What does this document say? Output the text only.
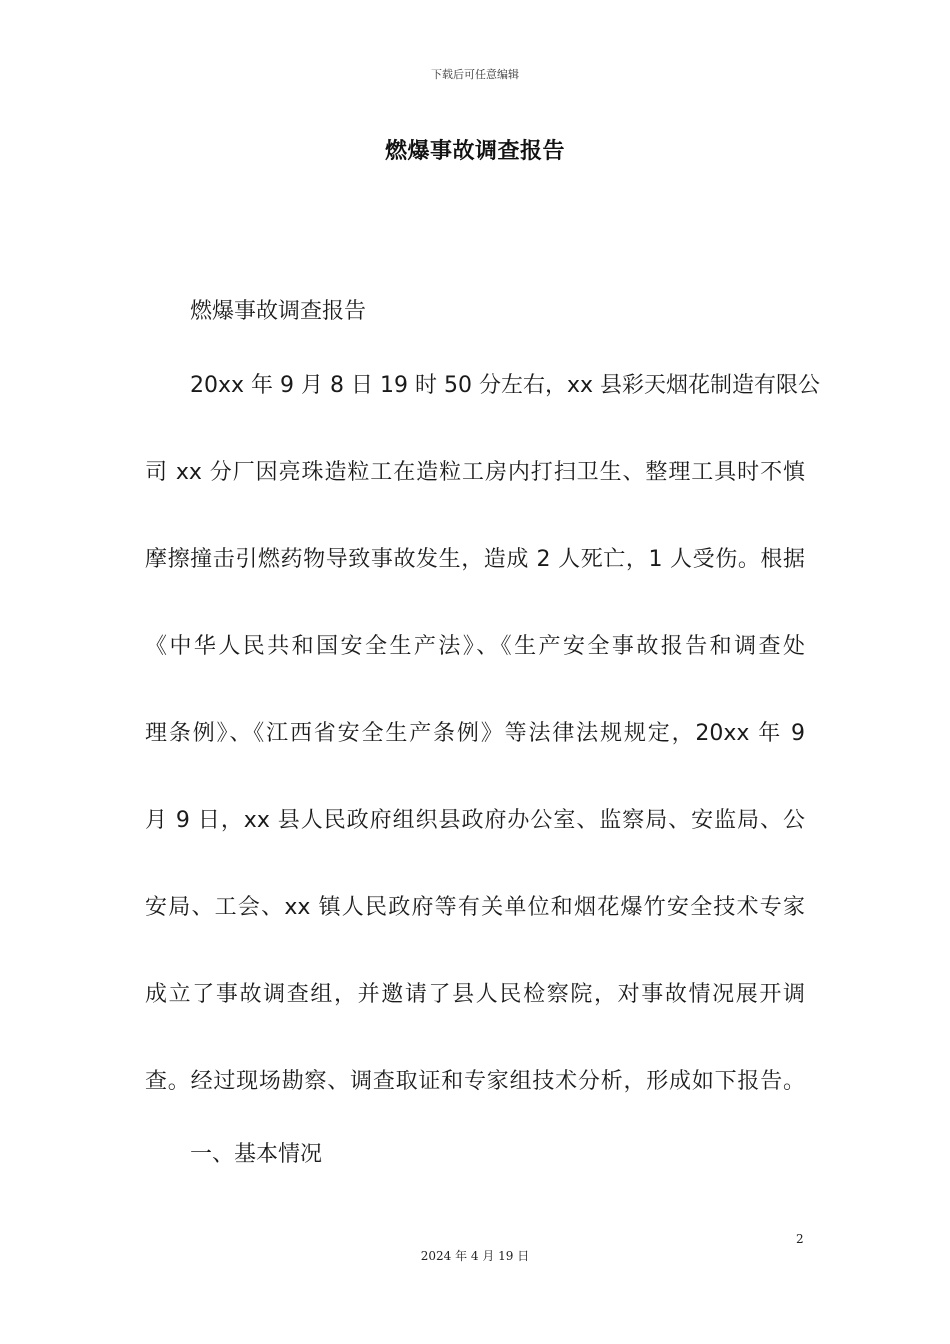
下载后可任意编辑
燃爆事故调查报告
燃爆事故调查报告
20xx 年 9 月 8 日 19 时 50 分左右，xx 县彩天烟花制造有限公
司 xx 分厂因亮珠造粒工在造粒工房内打扫卫生、整理工具时不慎
摩擦撞击引燃药物导致事故发生，造成 2 人死亡，1 人受伤。根据
《中华人民共和国安全生产法》、《生产安全事故报告和调查处
理条例》、《江西省安全生产条例》等法律法规规定，20xx 年 9
月 9 日，xx 县人民政府组织县政府办公室、监察局、安监局、公
安局、工会、xx 镇人民政府等有关单位和烟花爆竹安全技术专家
成立了事故调查组，并邀请了县人民检察院，对事故情况展开调
查。经过现场勘察、调查取证和专家组技术分析，形成如下报告。
一、基本情况
2
2024 年 4 月 19 日
